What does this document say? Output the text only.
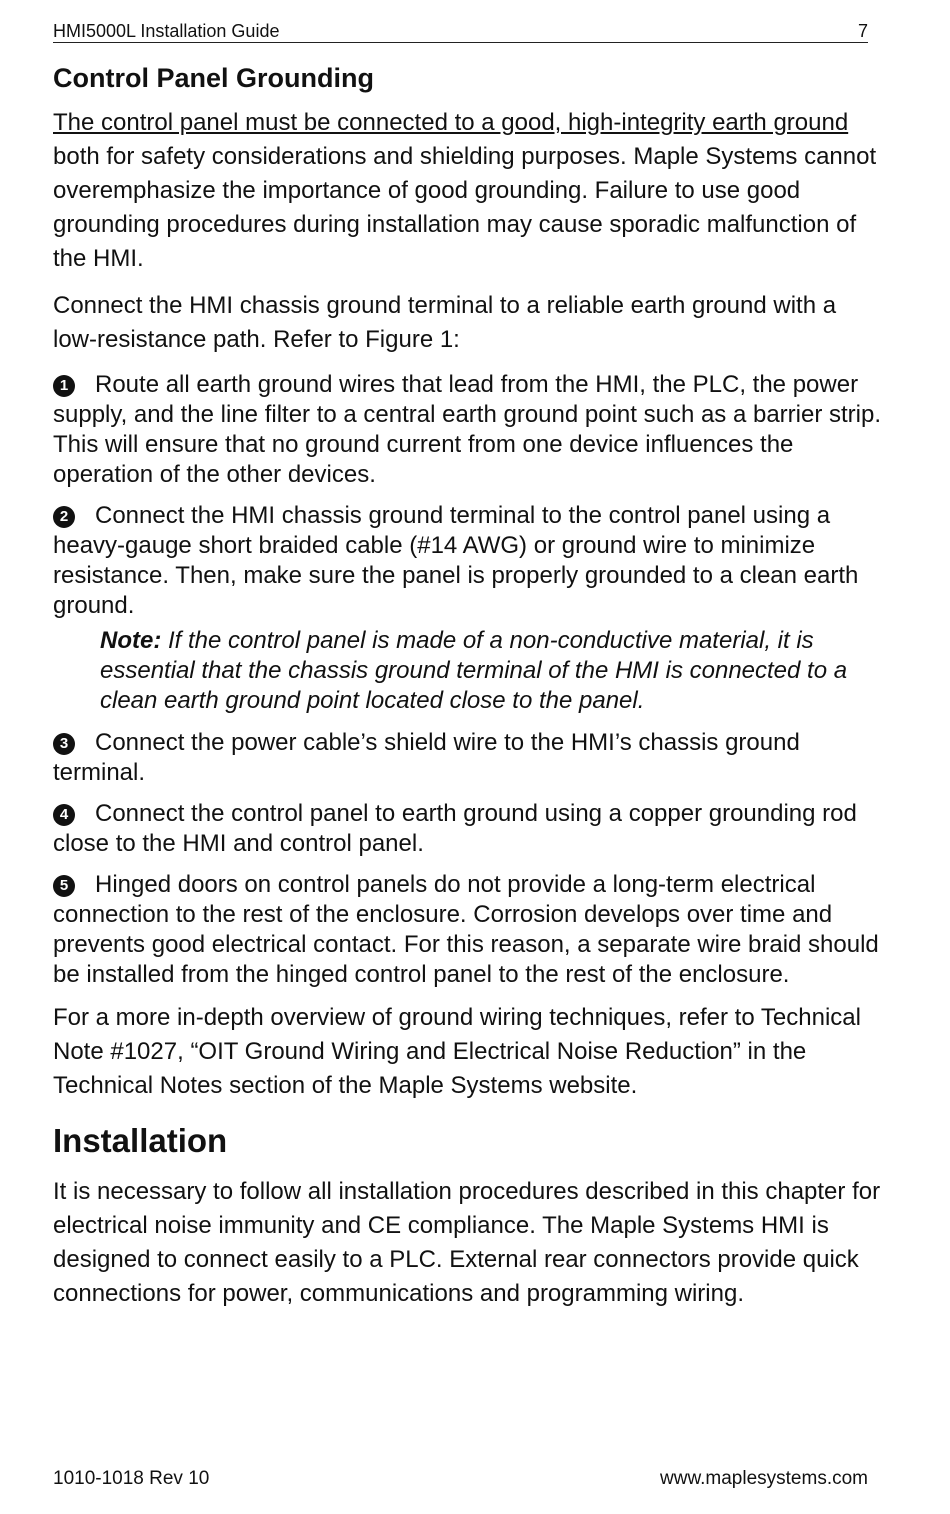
HMI5000L Installation Guide	7
Control Panel Grounding

The control panel must be connected to a good, high-integrity earth ground both for safety considerations and shielding purposes. Maple Systems cannot overemphasize the importance of good grounding. Failure to use good grounding procedures during installation may cause sporadic malfunction of the HMI.

Connect the HMI chassis ground terminal to a reliable earth ground with a low-resistance path. Refer to Figure 1:

1 Route all earth ground wires that lead from the HMI, the PLC, the power supply, and the line filter to a central earth ground point such as a barrier strip. This will ensure that no ground current from one device influences the operation of the other devices.
2 Connect the HMI chassis ground terminal to the control panel using a heavy-gauge short braided cable (#14 AWG) or ground wire to minimize resistance. Then, make sure the panel is properly grounded to a clean earth ground.
Note: If the control panel is made of a non-conductive material, it is essential that the chassis ground terminal of the HMI is connected to a clean earth ground point located close to the panel.
3 Connect the power cable’s shield wire to the HMI’s chassis ground terminal.
4 Connect the control panel to earth ground using a copper grounding rod close to the HMI and control panel.
5 Hinged doors on control panels do not provide a long-term electrical connection to the rest of the enclosure. Corrosion develops over time and prevents good electrical contact. For this reason, a separate wire braid should be installed from the hinged control panel to the rest of the enclosure.

For a more in-depth overview of ground wiring techniques, refer to Technical Note #1027, “OIT Ground Wiring and Electrical Noise Reduction” in the Technical Notes section of the Maple Systems website.

Installation

It is necessary to follow all installation procedures described in this chapter for electrical noise immunity and CE compliance. The Maple Systems HMI is designed to connect easily to a PLC. External rear connectors provide quick connections for power, communications and programming wiring.

1010-1018 Rev 10	www.maplesystems.com
